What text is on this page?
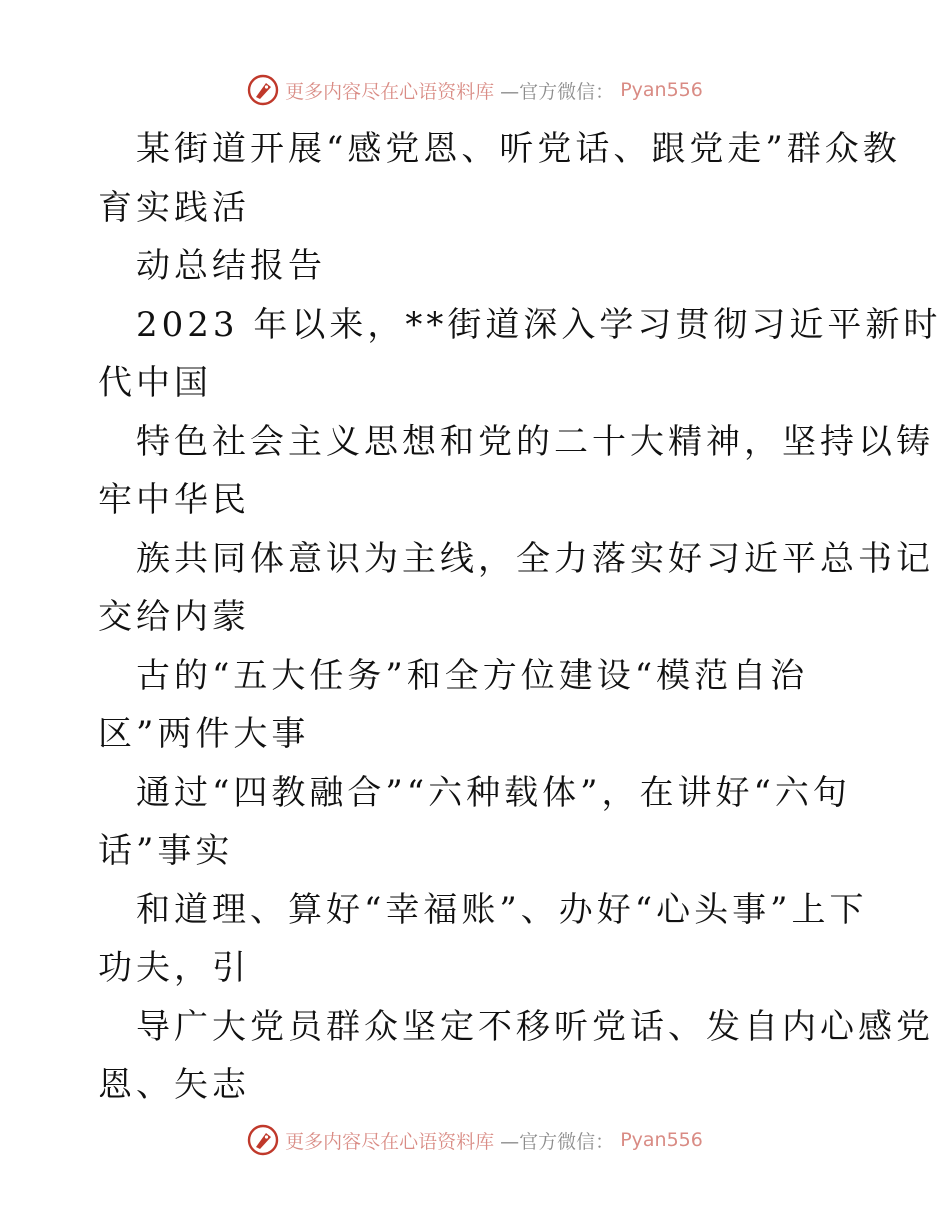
更多内容尽在心语资料库 —官方微信： Pyan556
某街道开展“感党恩、听党话、跟党走”群众教
育实践活
动总结报告
2023 年以来，**街道深入学习贯彻习近平新时
代中国
特色社会主义思想和党的二十大精神，坚持以铸
牢中华民
族共同体意识为主线，全力落实好习近平总书记
交给内蒙
古的“五大任务”和全方位建设“模范自治
区”两件大事
通过“四教融合”“六种载体”，在讲好“六句
话”事实
和道理、算好“幸福账”、办好“心头事”上下
功夫，引
导广大党员群众坚定不移听党话、发自内心感党
恩、矢志
更多内容尽在心语资料库 —官方微信： Pyan556
